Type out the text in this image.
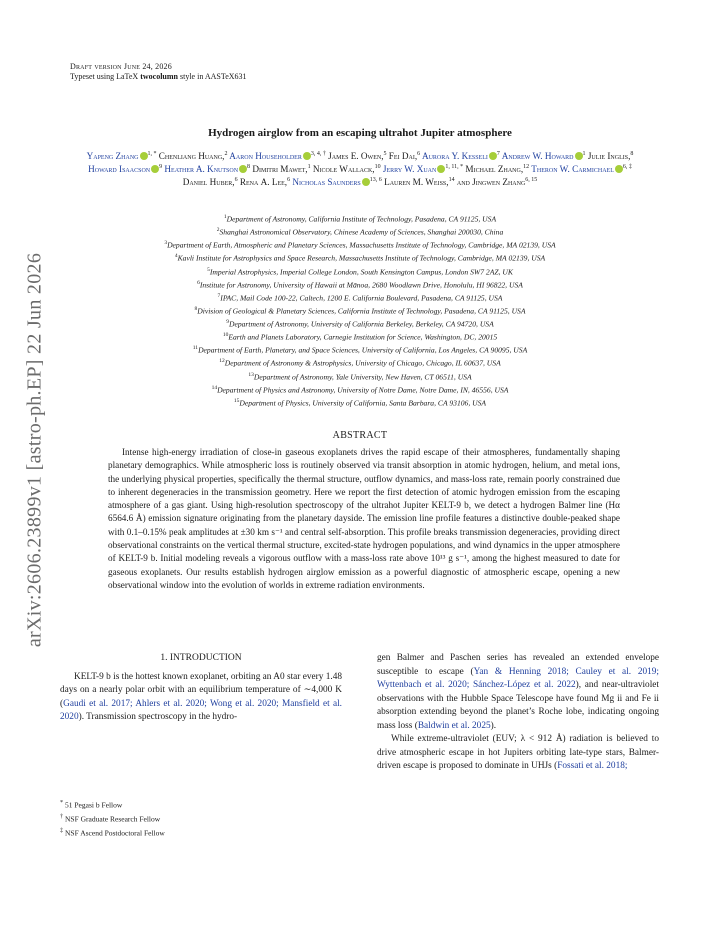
Draft version June 24, 2026
Typeset using LaTeX twocolumn style in AASTeX631
arXiv:2606.23899v1 [astro-ph.EP] 22 Jun 2026
Hydrogen airglow from an escaping ultrahot Jupiter atmosphere
Yapeng Zhang $^{1, *}$ Chenliang Huang,$^2$ Aaron Householder $^{3, 4, \dagger}$ James E. Owen,$^5$ Fei Dai,$^6$ Aurora Y. Kesseli $^7$ Andrew W. Howard $^1$ Julie Inglis,$^8$ Howard Isaacson $^9$ Heather A. Knutson $^8$ Dimitri Mawet,$^1$ Nicole Wallack,$^{10}$ Jerry W. Xuan $^{1, 11, *}$ Michael Zhang,$^{12}$ Theron W. Carmichael $^{6, \ddagger}$ Daniel Huber,$^6$ Renа A. Lee,$^6$ Nicholas Saunders $^{13, 6}$ Lauren M. Weiss,$^{14}$ and Jingwen Zhang$^{6, 15}$
$^1$Department of Astronomy, California Institute of Technology, Pasadena, CA 91125, USA
$^2$Shanghai Astronomical Observatory, Chinese Academy of Sciences, Shanghai 200030, China
$^3$Department of Earth, Atmospheric and Planetary Sciences, Massachusetts Institute of Technology, Cambridge, MA 02139, USA
$^4$Kavli Institute for Astrophysics and Space Research, Massachusetts Institute of Technology, Cambridge, MA 02139, USA
$^5$Imperial Astrophysics, Imperial College London, South Kensington Campus, London SW7 2AZ, UK
$^6$Institute for Astronomy, University of Hawaii at Mānoa, 2680 Woodlawn Drive, Honolulu, HI 96822, USA
$^7$IPAC, Mail Code 100-22, Caltech, 1200 E. California Boulevard, Pasadena, CA 91125, USA
$^8$Division of Geological & Planetary Sciences, California Institute of Technology, Pasadena, CA 91125, USA
$^9$Department of Astronomy, University of California Berkeley, Berkeley, CA 94720, USA
$^{10}$Earth and Planets Laboratory, Carnegie Institution for Science, Washington, DC, 20015
$^{11}$Department of Earth, Planetary, and Space Sciences, University of California, Los Angeles, CA 90095, USA
$^{12}$Department of Astronomy & Astrophysics, University of Chicago, Chicago, IL 60637, USA
$^{13}$Department of Astronomy, Yale University, New Haven, CT 06511, USA
$^{14}$Department of Physics and Astronomy, University of Notre Dame, Notre Dame, IN, 46556, USA
$^{15}$Department of Physics, University of California, Santa Barbara, CA 93106, USA
ABSTRACT
Intense high-energy irradiation of close-in gaseous exoplanets drives the rapid escape of their atmospheres, fundamentally shaping planetary demographics. While atmospheric loss is routinely observed via transit absorption in atomic hydrogen, helium, and metal ions, the underlying physical properties, specifically the thermal structure, outflow dynamics, and mass-loss rate, remain poorly constrained due to inherent degeneracies in the transmission geometry. Here we report the first detection of atomic hydrogen emission from the escaping atmosphere of a gas giant. Using high-resolution spectroscopy of the ultrahot Jupiter KELT-9 b, we detect a hydrogen Balmer line (Hα 6564.6 Å) emission signature originating from the planetary dayside. The emission line profile features a distinctive double-peaked shape with 0.1–0.15% peak amplitudes at ±30 km s⁻¹ and central self-absorption. This profile breaks transmission degeneracies, providing direct observational constraints on the vertical thermal structure, excited-state hydrogen populations, and wind dynamics in the upper atmosphere of KELT-9 b. Initial modeling reveals a vigorous outflow with a mass-loss rate above 10¹³ g s⁻¹, among the highest measured to date for gaseous exoplanets. Our results establish hydrogen airglow emission as a powerful diagnostic of atmospheric escape, opening a new observational window into the evolution of worlds in extreme radiation environments.
1. INTRODUCTION

KELT-9 b is the hottest known exoplanet, orbiting an A0 star every 1.48 days on a nearly polar orbit with an equilibrium temperature of ∼4,000 K (Gaudi et al. 2017; Ahlers et al. 2020; Wong et al. 2020; Mansfield et al. 2020). Transmission spectroscopy in the hydro-

gen Balmer and Paschen series has revealed an extended envelope susceptible to escape (Yan & Henning 2018; Cauley et al. 2019; Wyttenbach et al. 2020; Sánchez-López et al. 2022), and near-ultraviolet observations with the Hubble Space Telescope have found Mg ii and Fe ii absorption extending beyond the planet’s Roche lobe, indicating ongoing mass loss (Baldwin et al. 2025).

While extreme-ultraviolet (EUV; λ < 912 Å) radiation is believed to drive atmospheric escape in hot Jupiters orbiting late-type stars, Balmer-driven escape is proposed to dominate in UHJs (Fossati et al. 2018;

* 51 Pegasi b Fellow
† NSF Graduate Research Fellow
‡ NSF Ascend Postdoctoral Fellow
